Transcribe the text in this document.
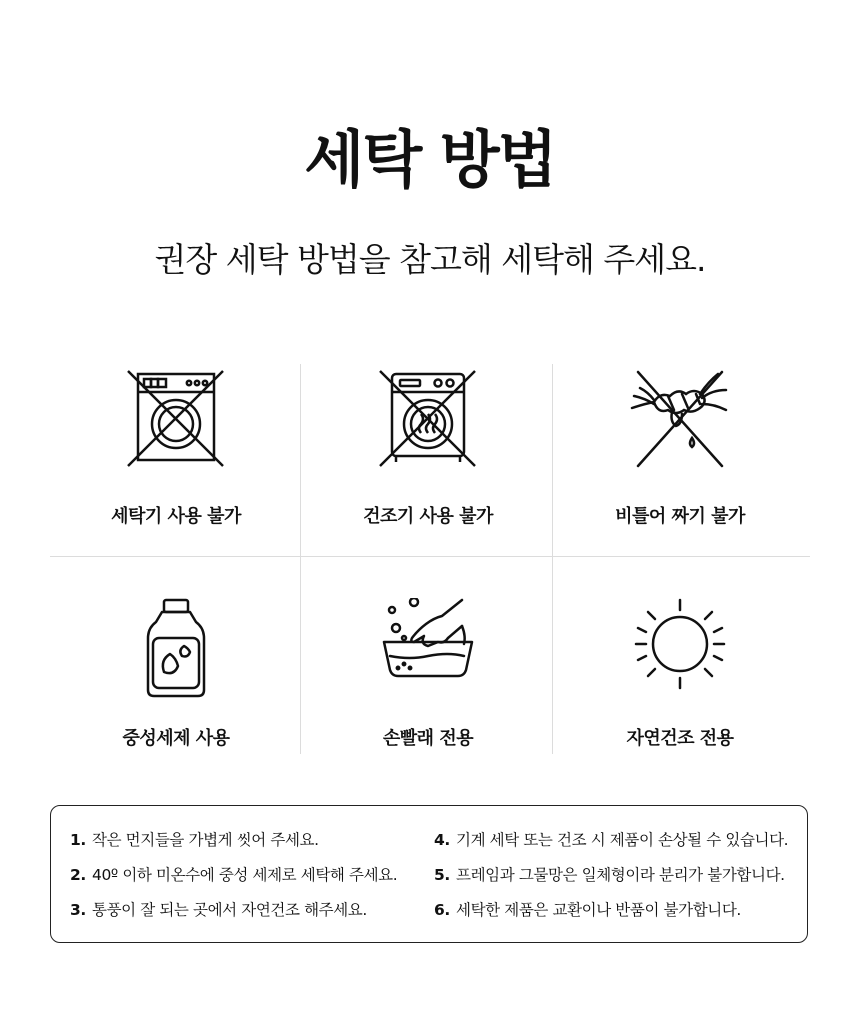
세탁 방법
권장 세탁 방법을 참고해 세탁해 주세요.
세탁기 사용 불가	건조기 사용 불가	비틀어 짜기 불가
중성세제 사용	손빨래 전용	자연건조 전용
1. 작은 먼지들을 가볍게 씻어 주세요.
2. 40º 이하 미온수에 중성 세제로 세탁해 주세요.
3. 통풍이 잘 되는 곳에서 자연건조 해주세요.
4. 기계 세탁 또는 건조 시 제품이 손상될 수 있습니다.
5. 프레임과 그물망은 일체형이라 분리가 불가합니다.
6. 세탁한 제품은 교환이나 반품이 불가합니다.
